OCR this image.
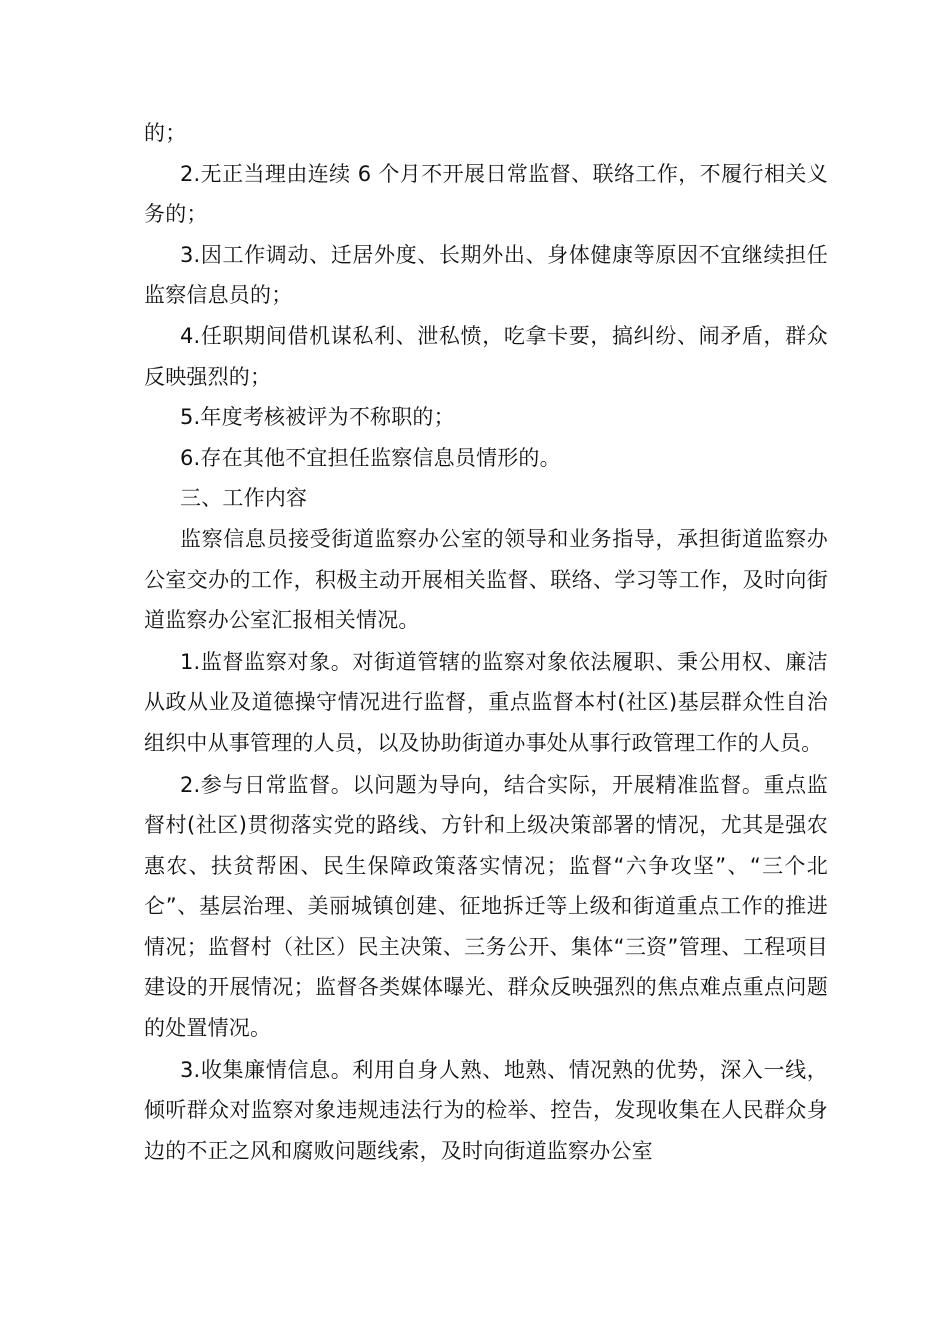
的；

2.无正当理由连续 6 个月不开展日常监督、联络工作，不履行相关义务的；

3.因工作调动、迁居外度、长期外出、身体健康等原因不宜继续担任监察信息员的；

4.任职期间借机谋私利、泄私愤，吃拿卡要，搞纠纷、闹矛盾，群众反映强烈的；

5.年度考核被评为不称职的；

6.存在其他不宜担任监察信息员情形的。

三、工作内容

监察信息员接受街道监察办公室的领导和业务指导，承担街道监察办公室交办的工作，积极主动开展相关监督、联络、学习等工作，及时向街道监察办公室汇报相关情况。

1.监督监察对象。对街道管辖的监察对象依法履职、秉公用权、廉洁从政从业及道德操守情况进行监督，重点监督本村(社区)基层群众性自治组织中从事管理的人员，以及协助街道办事处从事行政管理工作的人员。

2.参与日常监督。以问题为导向，结合实际，开展精准监督。重点监督村(社区)贯彻落实党的路线、方针和上级决策部署的情况，尤其是强农惠农、扶贫帮困、民生保障政策落实情况；监督“六争攻坚”、“三个北仑”、基层治理、美丽城镇创建、征地拆迁等上级和街道重点工作的推进情况；监督村（社区）民主决策、三务公开、集体“三资”管理、工程项目建设的开展情况；监督各类媒体曝光、群众反映强烈的焦点难点重点问题的处置情况。

3.收集廉情信息。利用自身人熟、地熟、情况熟的优势，深入一线，倾听群众对监察对象违规违法行为的检举、控告，发现收集在人民群众身边的不正之风和腐败问题线索，及时向街道监察办公室
